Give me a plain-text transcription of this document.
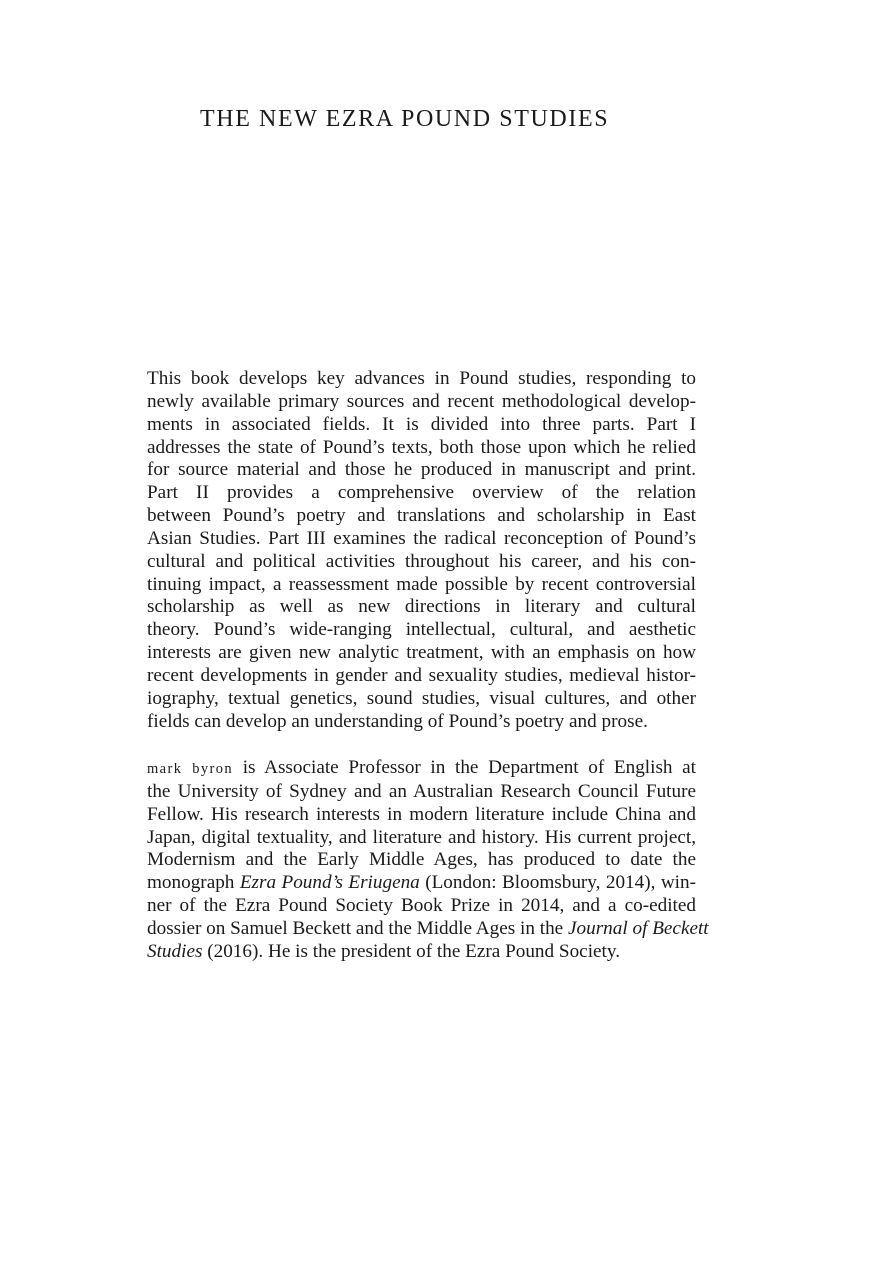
THE NEW EZRA POUND STUDIES
This book develops key advances in Pound studies, responding to
newly available primary sources and recent methodological develop-
ments in associated fields. It is divided into three parts. Part I
addresses the state of Pound’s texts, both those upon which he relied
for source material and those he produced in manuscript and print.
Part II provides a comprehensive overview of the relation
between Pound’s poetry and translations and scholarship in East
Asian Studies. Part III examines the radical reconception of Pound’s
cultural and political activities throughout his career, and his con-
tinuing impact, a reassessment made possible by recent controversial
scholarship as well as new directions in literary and cultural
theory. Pound’s wide-ranging intellectual, cultural, and aesthetic
interests are given new analytic treatment, with an emphasis on how
recent developments in gender and sexuality studies, medieval histor-
iography, textual genetics, sound studies, visual cultures, and other
fields can develop an understanding of Pound’s poetry and prose.
mark byron is Associate Professor in the Department of English at
the University of Sydney and an Australian Research Council Future
Fellow. His research interests in modern literature include China and
Japan, digital textuality, and literature and history. His current project,
Modernism and the Early Middle Ages, has produced to date the
monograph Ezra Pound’s Eriugena (London: Bloomsbury, 2014), win-
ner of the Ezra Pound Society Book Prize in 2014, and a co-edited
dossier on Samuel Beckett and the Middle Ages in the Journal of Beckett
Studies (2016). He is the president of the Ezra Pound Society.
